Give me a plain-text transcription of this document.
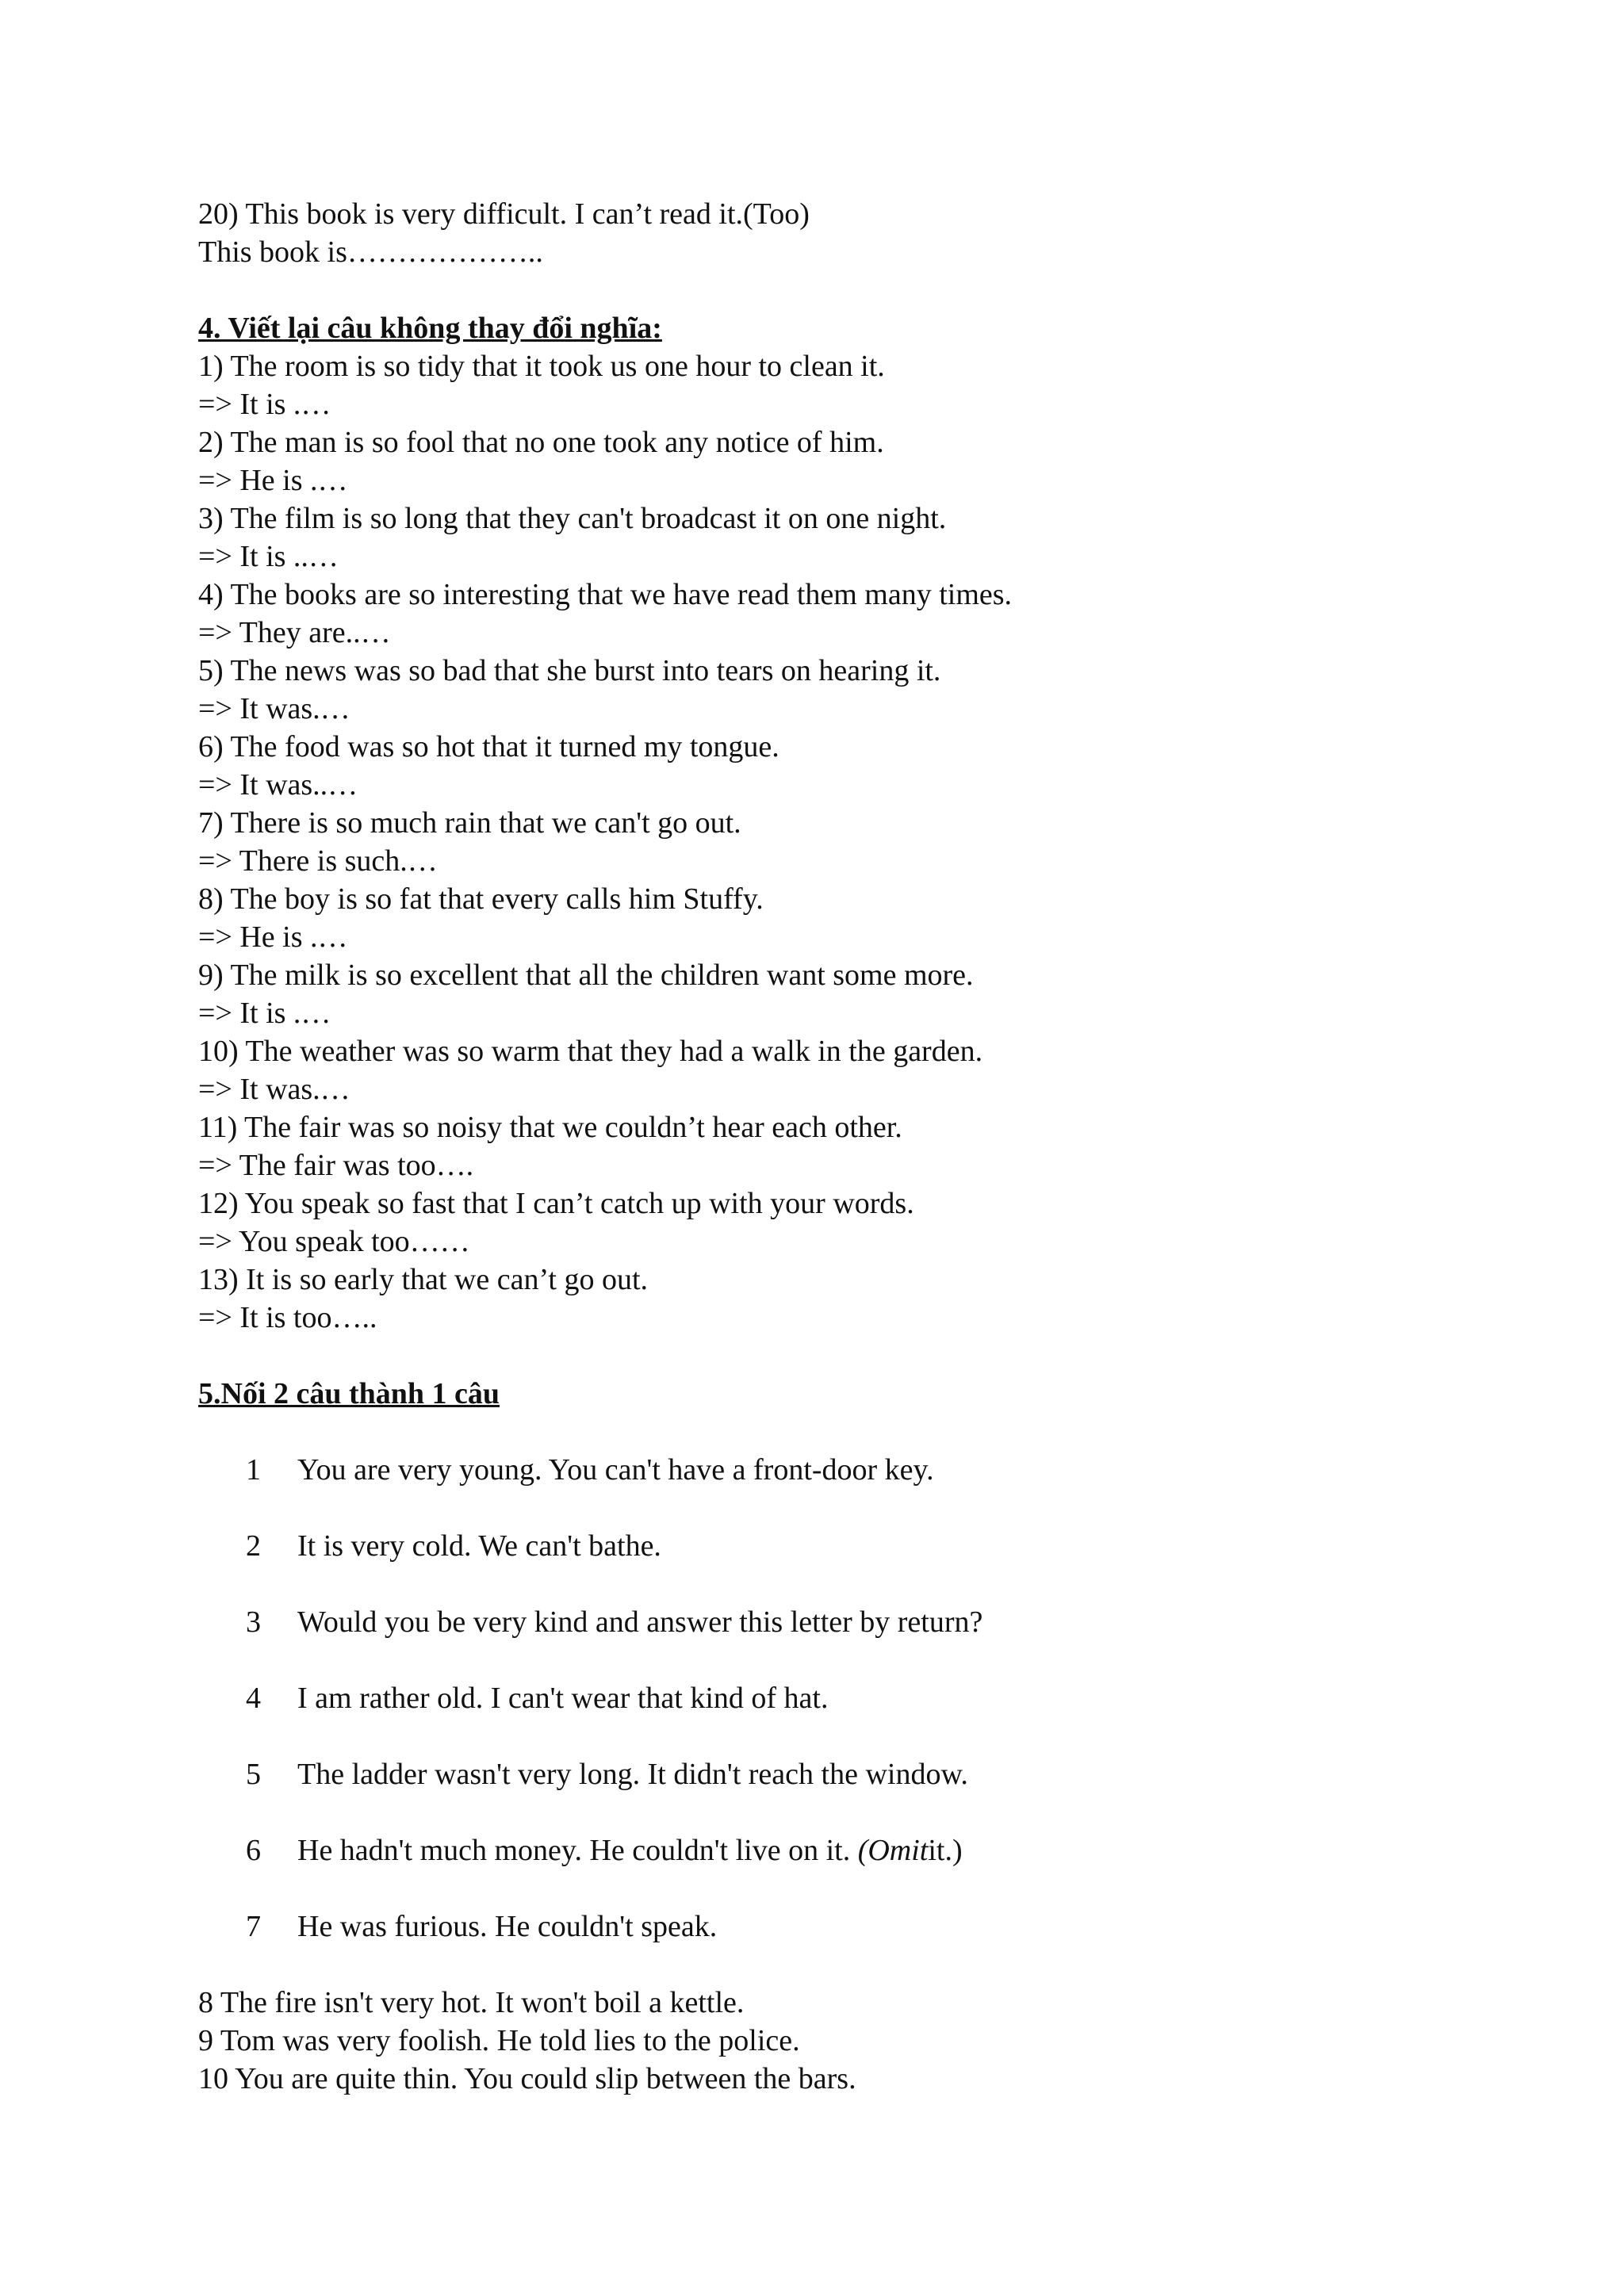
20) This book is very difficult. I can’t read it.(Too)
This book is………………..
4. Viết lại câu không thay đổi nghĩa:
1) The room is so tidy that it took us one hour to clean it.
=> It is .…
2) The man is so fool that no one took any notice of him.
=> He is .…
3) The film is so long that they can't broadcast it on one night.
=> It is ..…
4) The books are so interesting that we have read them many times.
=> They are..…
5) The news was so bad that she burst into tears on hearing it.
=> It was.…
6) The food was so hot that it turned my tongue.
=> It was..…
7) There is so much rain that we can't go out.
=> There is such.…
8) The boy is so fat that every calls him Stuffy.
=> He is .…
9) The milk is so excellent that all the children want some more.
=> It is .…
10) The weather was so warm that they had a walk in the garden.
=> It was.…
11) The fair was so noisy that we couldn’t hear each other.
=> The fair was too….
12) You speak so fast that I can’t catch up with your words.
=> You speak too……
13) It is so early that we can’t go out.
=> It is too…..
5.Nối 2 câu thành 1 câu
1	You are very young. You can't have a front-door key.
2	It is very cold. We can't bathe.
3	Would you be very kind and answer this letter by return?
4	I am rather old. I can't wear that kind of hat.
5	The ladder wasn't very long. It didn't reach the window.
6	He hadn't much money. He couldn't live on it. (Omitit.)
7	He was furious. He couldn't speak.
8 The fire isn't very hot. It won't boil a kettle.
9 Tom was very foolish. He told lies to the police.
10 You are quite thin. You could slip between the bars.
